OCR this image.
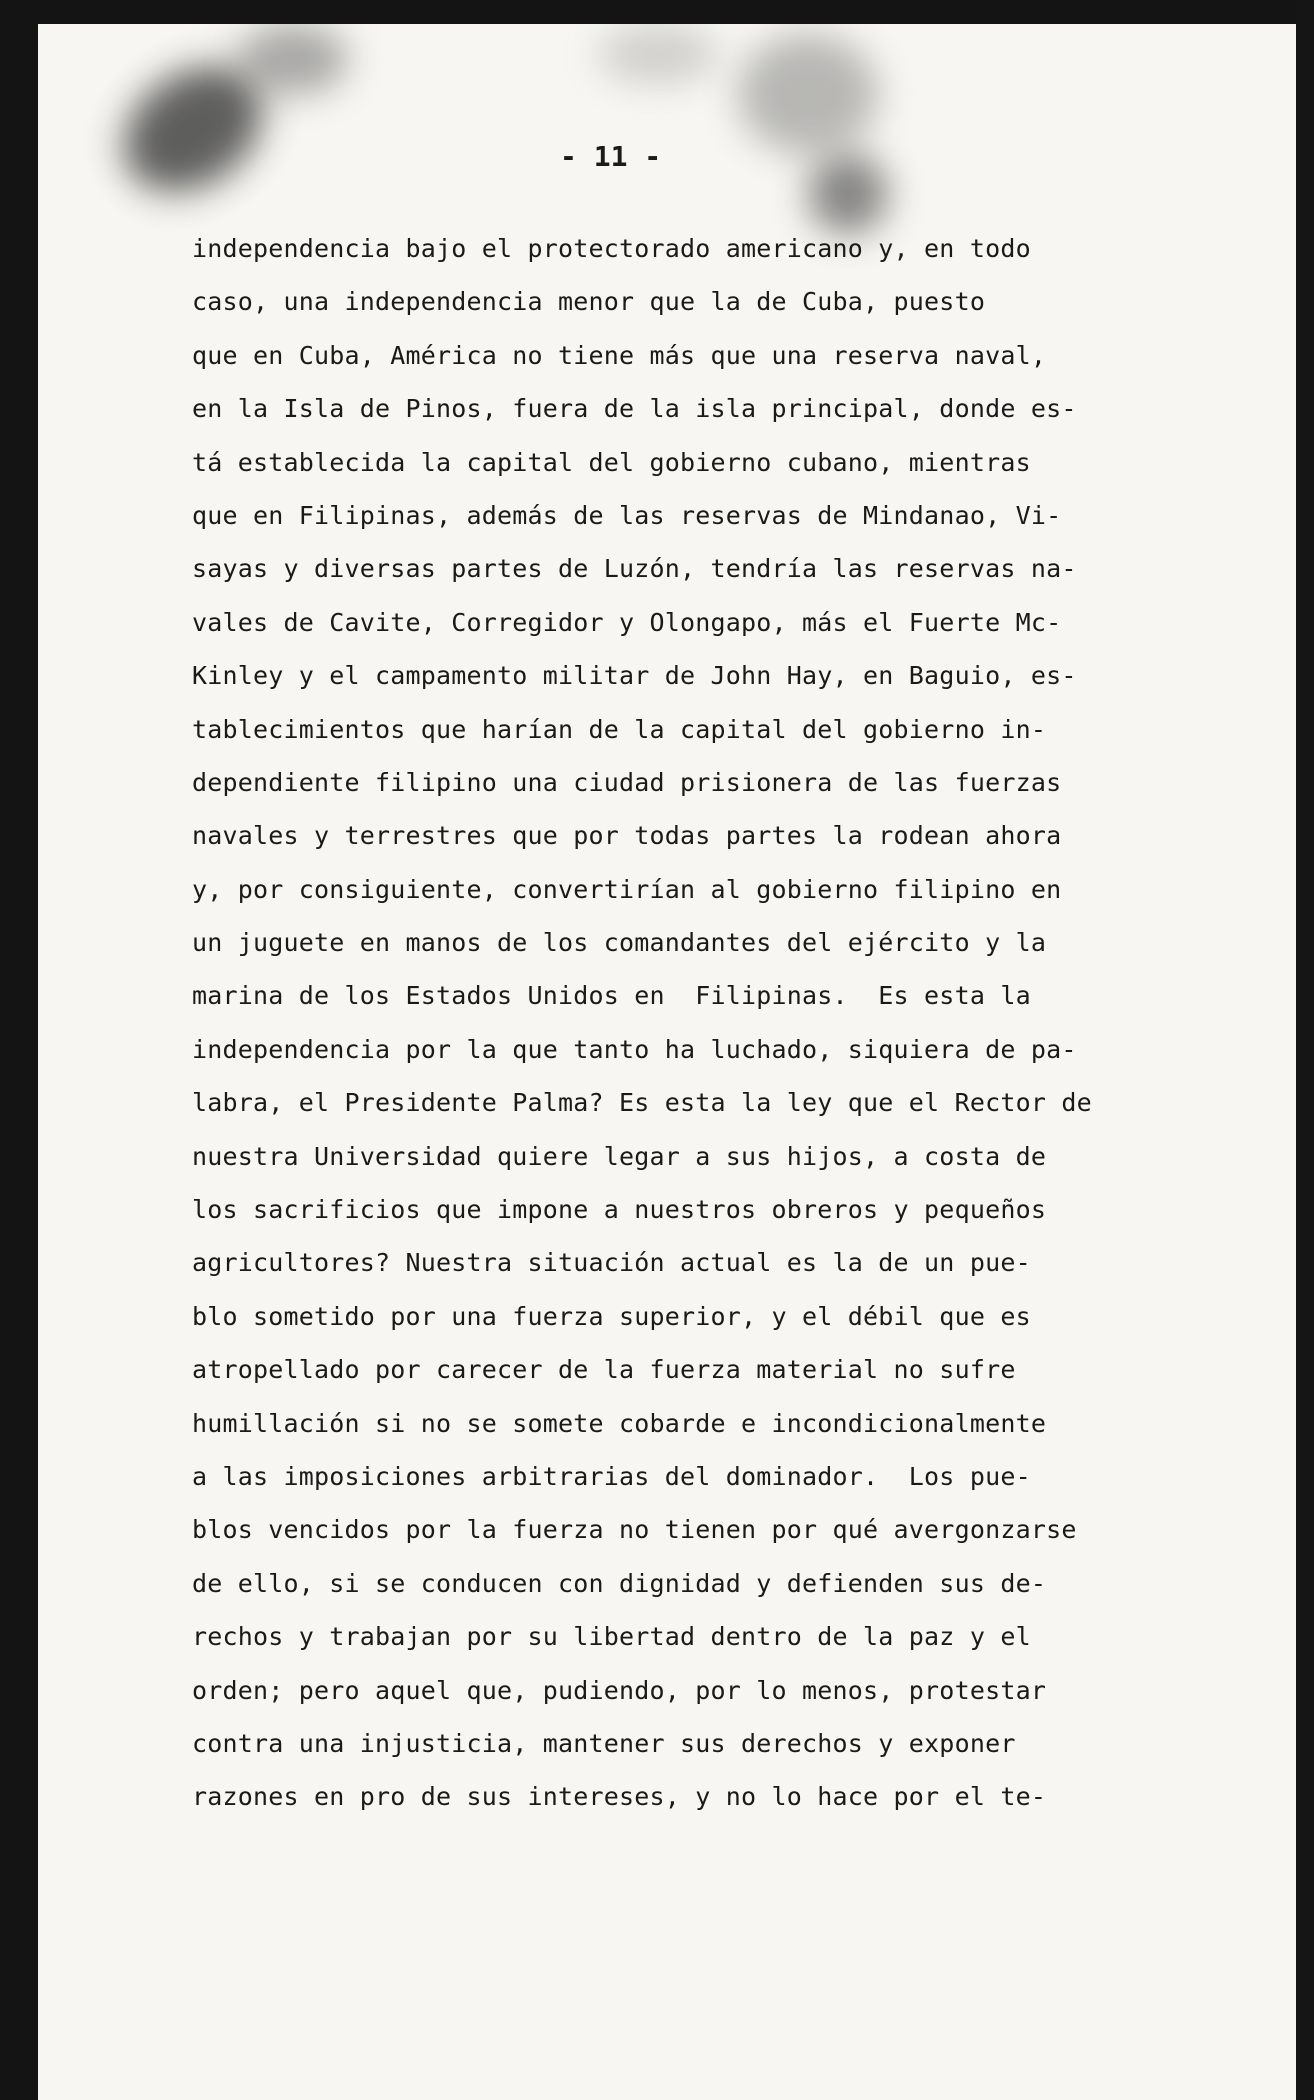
- 11 -
independencia bajo el protectorado americano y, en todo
caso, una independencia menor que la de Cuba, puesto
que en Cuba, América no tiene más que una reserva naval,
en la Isla de Pinos, fuera de la isla principal, donde es-
tá establecida la capital del gobierno cubano, mientras
que en Filipinas, además de las reservas de Mindanao, Vi-
sayas y diversas partes de Luzón, tendría las reservas na-
vales de Cavite, Corregidor y Olongapo, más el Fuerte Mc-
Kinley y el campamento militar de John Hay, en Baguio, es-
tablecimientos que harían de la capital del gobierno in-
dependiente filipino una ciudad prisionera de las fuerzas
navales y terrestres que por todas partes la rodean ahora
y, por consiguiente, convertirían al gobierno filipino en
un juguete en manos de los comandantes del ejército y la
marina de los Estados Unidos en  Filipinas.  Es esta la
independencia por la que tanto ha luchado, siquiera de pa-
labra, el Presidente Palma? Es esta la ley que el Rector de
nuestra Universidad quiere legar a sus hijos, a costa de
los sacrificios que impone a nuestros obreros y pequeños
agricultores? Nuestra situación actual es la de un pue-
blo sometido por una fuerza superior, y el débil que es
atropellado por carecer de la fuerza material no sufre
humillación si no se somete cobarde e incondicionalmente
a las imposiciones arbitrarias del dominador.  Los pue-
blos vencidos por la fuerza no tienen por qué avergonzarse
de ello, si se conducen con dignidad y defienden sus de-
rechos y trabajan por su libertad dentro de la paz y el
orden; pero aquel que, pudiendo, por lo menos, protestar
contra una injusticia, mantener sus derechos y exponer
razones en pro de sus intereses, y no lo hace por el te-
